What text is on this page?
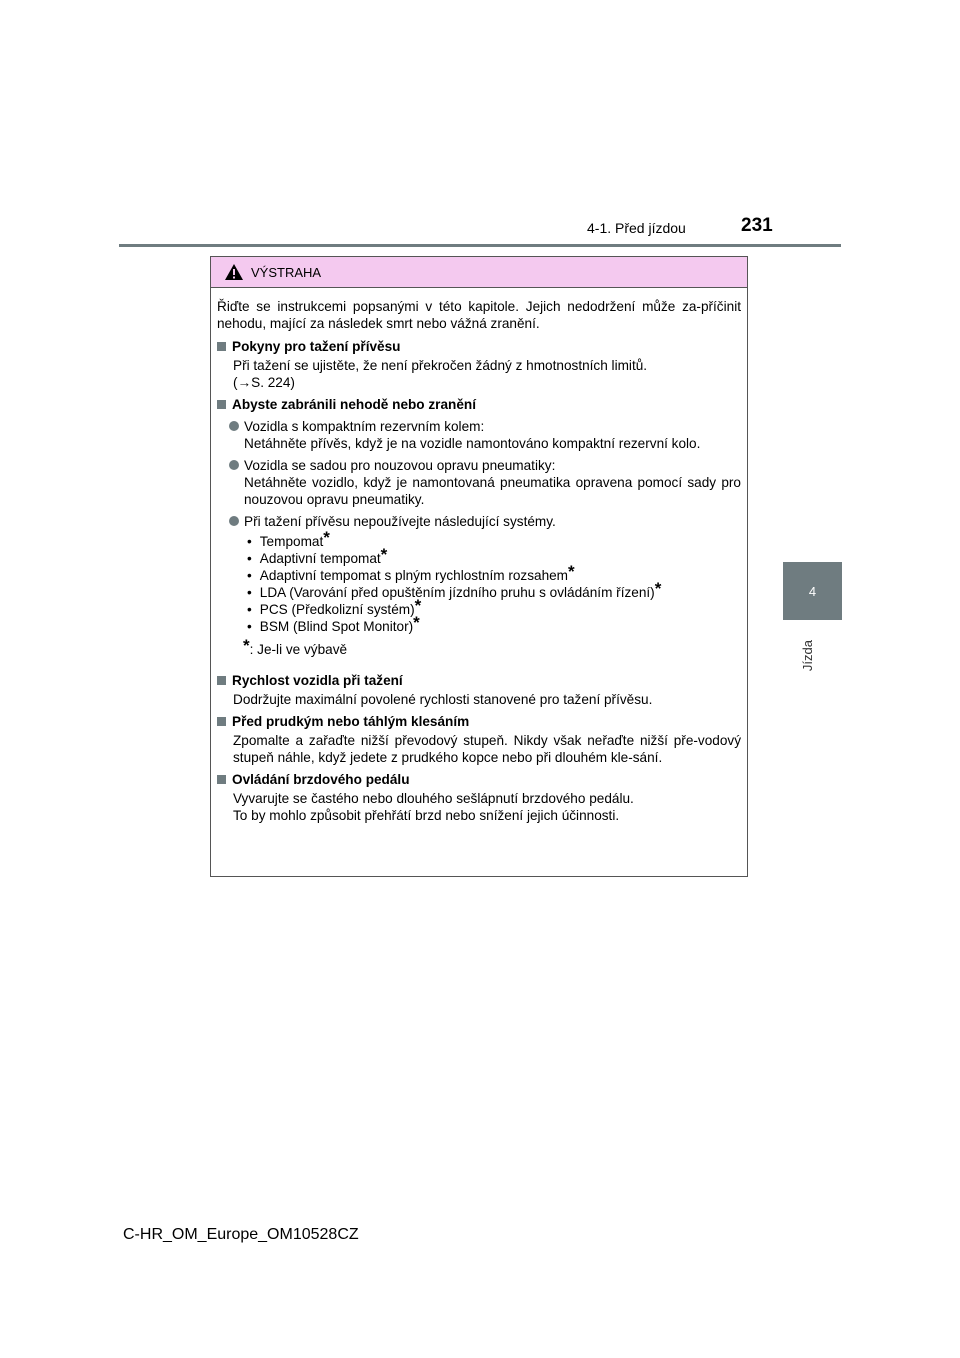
4-1. Před jízdou	231
4
Jízda
VÝSTRAHA
Řiďte se instrukcemi popsanými v této kapitole. Jejich nedodržení může za-příčinit nehodu, mající za následek smrt nebo vážná zranění.
Pokyny pro tažení přívěsu
Při tažení se ujistěte, že není překročen žádný z hmotnostních limitů.
(→S. 224)
Abyste zabránili nehodě nebo zranění
Vozidla s kompaktním rezervním kolem:
Netáhněte přívěs, když je na vozidle namontováno kompaktní rezervní kolo.
Vozidla se sadou pro nouzovou opravu pneumatiky:
Netáhněte vozidlo, když je namontovaná pneumatika opravena pomocí sady pro nouzovou opravu pneumatiky.
Při tažení přívěsu nepoužívejte následující systémy.
• Tempomat*
• Adaptivní tempomat*
• Adaptivní tempomat s plným rychlostním rozsahem*
• LDA (Varování před opuštěním jízdního pruhu s ovládáním řízení)*
• PCS (Předkolizní systém)*
• BSM (Blind Spot Monitor)*
*: Je-li ve výbavě
Rychlost vozidla při tažení
Dodržujte maximální povolené rychlosti stanovené pro tažení přívěsu.
Před prudkým nebo táhlým klesáním
Zpomalte a zařaďte nižší převodový stupeň. Nikdy však neřaďte nižší pře-vodový stupeň náhle, když jedete z prudkého kopce nebo při dlouhém kle-sání.
Ovládání brzdového pedálu
Vyvarujte se častého nebo dlouhého sešlápnutí brzdového pedálu.
To by mohlo způsobit přehřátí brzd nebo snížení jejich účinnosti.
C-HR_OM_Europe_OM10528CZ
